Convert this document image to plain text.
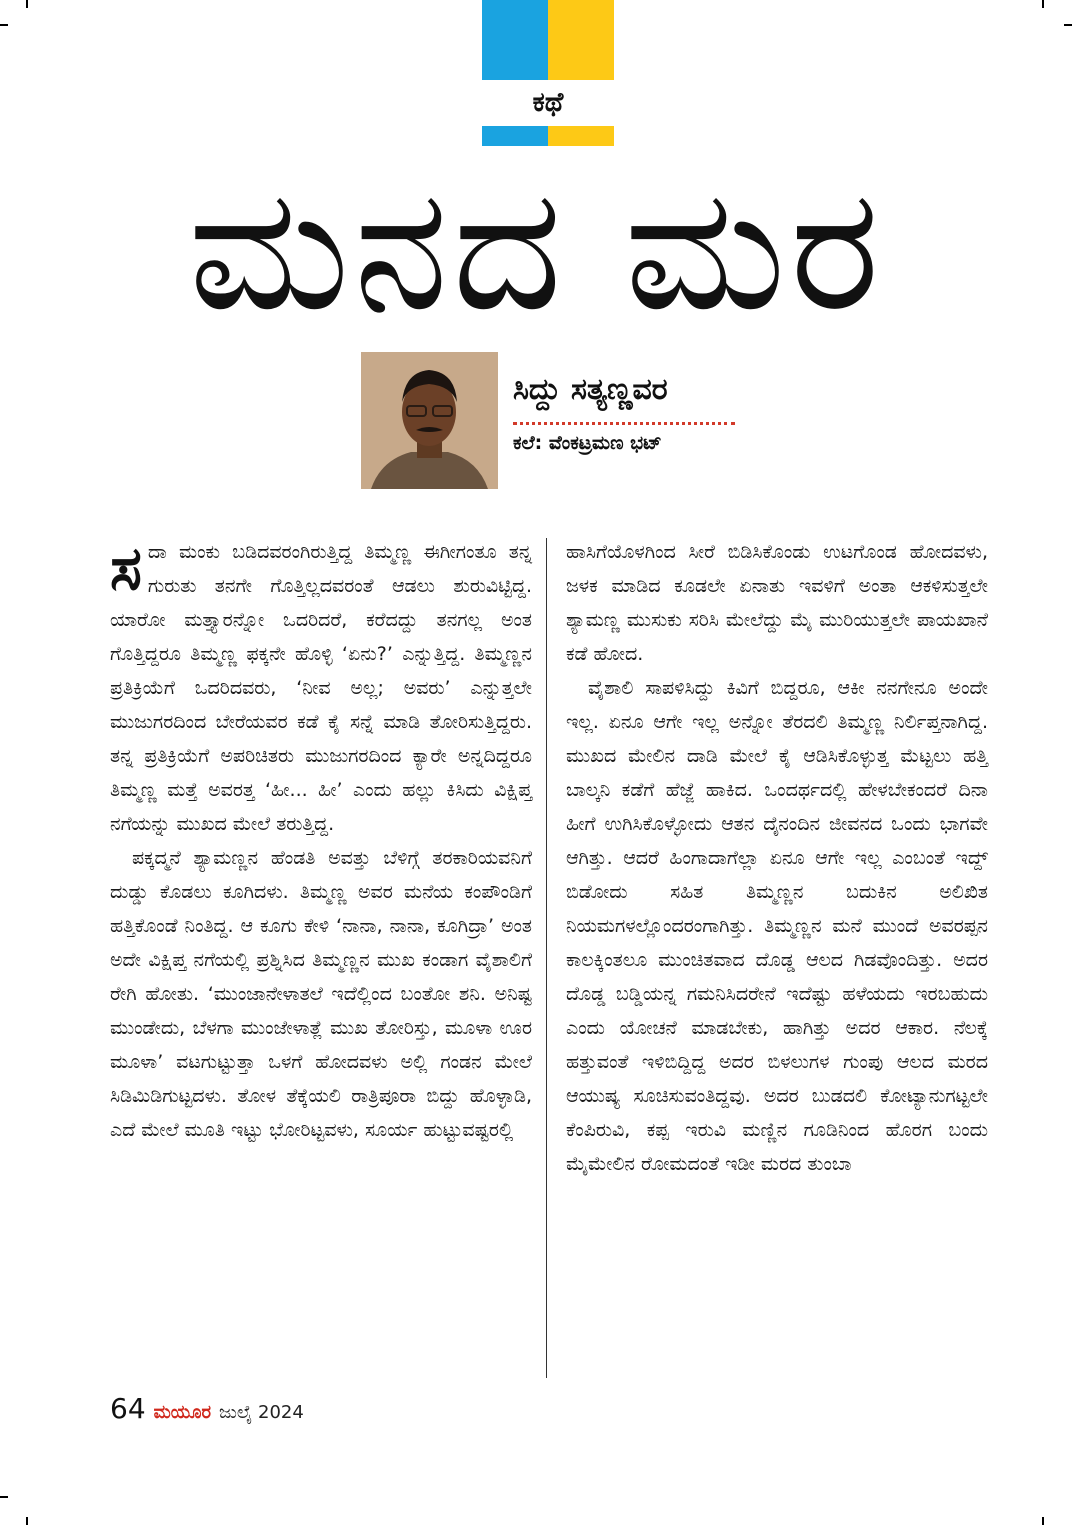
ಕಥೆ
ಮನದ ಮರ
ಸಿದ್ದು ಸತ್ಯಣ್ಣವರ
ಕಲೆ: ವೆಂಕಟ್ರಮಣ ಭಟ್
ಸ ದಾ ಮಂಕು ಬಡಿದವರಂಗಿರುತ್ತಿದ್ದ ತಿಮ್ಮಣ್ಣ ಈಗೀಗಂತೂ ತನ್ನ ಗುರುತು ತನಗೇ ಗೊತ್ತಿಲ್ಲದವರಂತೆ ಆಡಲು ಶುರುವಿಟ್ಟಿದ್ದ. ಯಾರೋ ಮತ್ತ್ಯಾರನ್ನೋ ಒದರಿದರೆ, ಕರೆದದ್ದು ತನಗಲ್ಲ ಅಂತ ಗೊತ್ತಿದ್ದರೂ ತಿಮ್ಮಣ್ಣ ಫಕ್ಕನೇ ಹೊಳ್ಳಿ ‘ಏನು?’ ಎನ್ನುತ್ತಿದ್ದ. ತಿಮ್ಮಣ್ಣನ ಪ್ರತಿಕ್ರಿಯೆಗೆ ಒದರಿದವರು, ‘ನೀವ ಅಲ್ಲ; ಅವರು’ ಎನ್ನುತ್ತಲೇ ಮುಜುಗರದಿಂದ ಬೇರೆಯವರ ಕಡೆ ಕೈ ಸನ್ನೆ ಮಾಡಿ ತೋರಿಸುತ್ತಿದ್ದರು. ತನ್ನ ಪ್ರತಿಕ್ರಿಯೆಗೆ ಅಪರಿಚಿತರು ಮುಜುಗರದಿಂದ ಕ್ಯಾರೇ ಅನ್ನದಿದ್ದರೂ ತಿಮ್ಮಣ್ಣ ಮತ್ತೆ ಅವರತ್ತ ‘ಹೀ... ಹೀ’ ಎಂದು ಹಲ್ಲು ಕಿಸಿದು ವಿಕ್ಷಿಪ್ತ ನಗೆಯನ್ನು ಮುಖದ ಮೇಲೆ ತರುತ್ತಿದ್ದ.

ಪಕ್ಕದ್ಮನೆ ಶ್ಯಾಮಣ್ಣನ ಹೆಂಡತಿ ಅವತ್ತು ಬೆಳಿಗ್ಗೆ ತರಕಾರಿಯವನಿಗೆ ದುಡ್ಡು ಕೊಡಲು ಕೂಗಿದಳು. ತಿಮ್ಮಣ್ಣ ಅವರ ಮನೆಯ ಕಂಪೌಂಡಿಗೆ ಹತ್ತಿಕೊಂಡೆ ನಿಂತಿದ್ದ. ಆ ಕೂಗು ಕೇಳಿ ‘ನಾನಾ, ನಾನಾ, ಕೂಗಿದ್ರಾ’ ಅಂತ ಅದೇ ವಿಕ್ಷಿಪ್ತ ನಗೆಯಲ್ಲಿ ಪ್ರಶ್ನಿಸಿದ ತಿಮ್ಮಣ್ಣನ ಮುಖ ಕಂಡಾಗ ವೈಶಾಲಿಗೆ ರೇಗಿ ಹೋತು. ‘ಮುಂಜಾನೇಳಾತಲೆ ಇದೆಲ್ಲಿಂದ ಬಂತೋ ಶನಿ. ಅನಿಷ್ಟ ಮುಂಡೇದು, ಬೆಳಗಾ ಮುಂಜೇಳಾತ್ಲೆ ಮುಖ ತೋರಿಸ್ತು, ಮೂಳಾ ಊರ ಮೂಳಾ’ ವಟಗುಟ್ಟುತ್ತಾ ಒಳಗೆ ಹೋದವಳು ಅಲ್ಲಿ ಗಂಡನ ಮೇಲೆ ಸಿಡಿಮಿಡಿಗುಟ್ಟದಳು. ತೋಳ ತೆಕ್ಕೆಯಲಿ ರಾತ್ರಿಪೂರಾ ಬಿದ್ದು ಹೊಳ್ಳಾಡಿ, ಎದೆ ಮೇಲೆ ಮೂತಿ ಇಟ್ಟು ಭೋರಿಟ್ಟವಳು, ಸೂರ್ಯ ಹುಟ್ಟುವಷ್ಟರಲ್ಲಿ

ಹಾಸಿಗೆಯೊಳಗಿಂದ ಸೀರೆ ಬಿಡಿಸಿಕೊಂಡು ಉಟಗೊಂಡ ಹೋದವಳು, ಜಳಕ ಮಾಡಿದ ಕೂಡಲೇ ಏನಾತು ಇವಳಿಗೆ ಅಂತಾ ಆಕಳಿಸುತ್ತಲೇ ಶ್ಯಾಮಣ್ಣ ಮುಸುಕು ಸರಿಸಿ ಮೇಲೆದ್ದು ಮೈ ಮುರಿಯುತ್ತಲೇ ಪಾಯಖಾನೆ ಕಡೆ ಹೋದ.

ವೈಶಾಲಿ ಸಾಪಳಿಸಿದ್ದು ಕಿವಿಗೆ ಬಿದ್ದರೂ, ಆಕೀ ನನಗೇನೂ ಅಂದೇ ಇಲ್ಲ. ಏನೂ ಆಗೇ ಇಲ್ಲ ಅನ್ನೋ ತೆರದಲಿ ತಿಮ್ಮಣ್ಣ ನಿರ್ಲಿಪ್ತನಾಗಿದ್ದ. ಮುಖದ ಮೇಲಿನ ದಾಡಿ ಮೇಲೆ ಕೈ ಆಡಿಸಿಕೊಳ್ಳುತ್ತ ಮೆಟ್ಟಲು ಹತ್ತಿ ಬಾಲ್ಕನಿ ಕಡೆಗೆ ಹೆಜ್ಜೆ ಹಾಕಿದ. ಒಂದರ್ಥದಲ್ಲಿ ಹೇಳಬೇಕಂದರೆ ದಿನಾ ಹೀಗೆ ಉಗಿಸಿಕೊಳ್ಳೋದು ಆತನ ದೈನಂದಿನ ಜೀವನದ ಒಂದು ಭಾಗವೇ ಆಗಿತ್ತು. ಆದರೆ ಹಿಂಗಾದಾಗೆಲ್ಲಾ ಏನೂ ಆಗೇ ಇಲ್ಲ ಎಂಬಂತೆ ಇದ್ದ್ ಬಿಡೋದು ಸಹಿತ ತಿಮ್ಮಣ್ಣನ ಬದುಕಿನ ಅಲಿಖಿತ ನಿಯಮಗಳಲ್ಲೊಂದರಂಗಾಗಿತ್ತು. ತಿಮ್ಮಣ್ಣನ ಮನೆ ಮುಂದೆ ಅವರಪ್ಪನ ಕಾಲಕ್ಕಿಂತಲೂ ಮುಂಚಿತವಾದ ದೊಡ್ಡ ಆಲದ ಗಿಡವೊಂದಿತ್ತು. ಅದರ ದೊಡ್ಡ ಬಡ್ಡಿಯನ್ನ ಗಮನಿಸಿದರೇನೆ ಇದೆಷ್ಟು ಹಳೆಯದು ಇರಬಹುದು ಎಂದು ಯೋಚನೆ ಮಾಡಬೇಕು, ಹಾಗಿತ್ತು ಅದರ ಆಕಾರ. ನೆಲಕ್ಕೆ ಹತ್ತುವಂತೆ ಇಳಿಬಿದ್ದಿದ್ದ ಅದರ ಬಿಳಲುಗಳ ಗುಂಪು ಆಲದ ಮರದ ಆಯುಷ್ಯ ಸೂಚಿಸುವಂತಿದ್ದವು. ಅದರ ಬುಡದಲಿ ಕೋಟ್ಯಾನುಗಟ್ಟಲೇ ಕೆಂಪಿರುವಿ, ಕಪ್ಪ ಇರುವಿ ಮಣ್ಣಿನ ಗೂಡಿನಿಂದ ಹೊರಗ ಬಂದು ಮೈಮೇಲಿನ ರೋಮದಂತೆ ಇಡೀ ಮರದ ತುಂಬಾ

64 ಮಯೂರ ಜುಲೈ 2024
